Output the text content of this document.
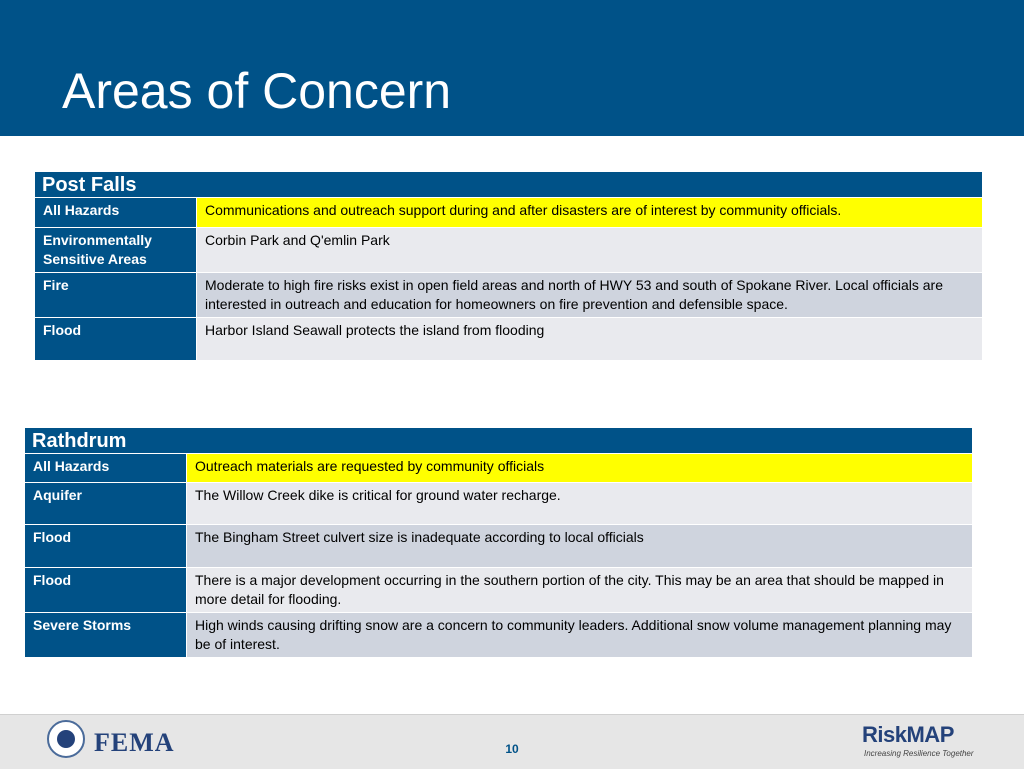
Areas of Concern
Post Falls	
All Hazards	Communications and outreach support during and after disasters are of interest by community officials.
Environmentally Sensitive Areas	Corbin Park and Q'emlin Park
Fire	Moderate to high fire risks exist in open field areas and north of HWY 53 and south of Spokane River. Local officials are interested in outreach and education for homeowners on fire prevention and defensible space.
Flood	Harbor Island Seawall protects the island from flooding
Rathdrum	
All Hazards	Outreach materials are requested by community officials
Aquifer	The Willow Creek dike is critical for ground water recharge.
Flood	The Bingham Street culvert size is inadequate according to local officials
Flood	There is a major development occurring in the southern portion of the city. This may be an area that should be mapped in more detail for flooding.
Severe Storms	High winds causing drifting snow are a concern to community leaders. Additional snow volume management planning may be of interest.
FEMA	10
RiskMAP
Increasing Resilience Together
